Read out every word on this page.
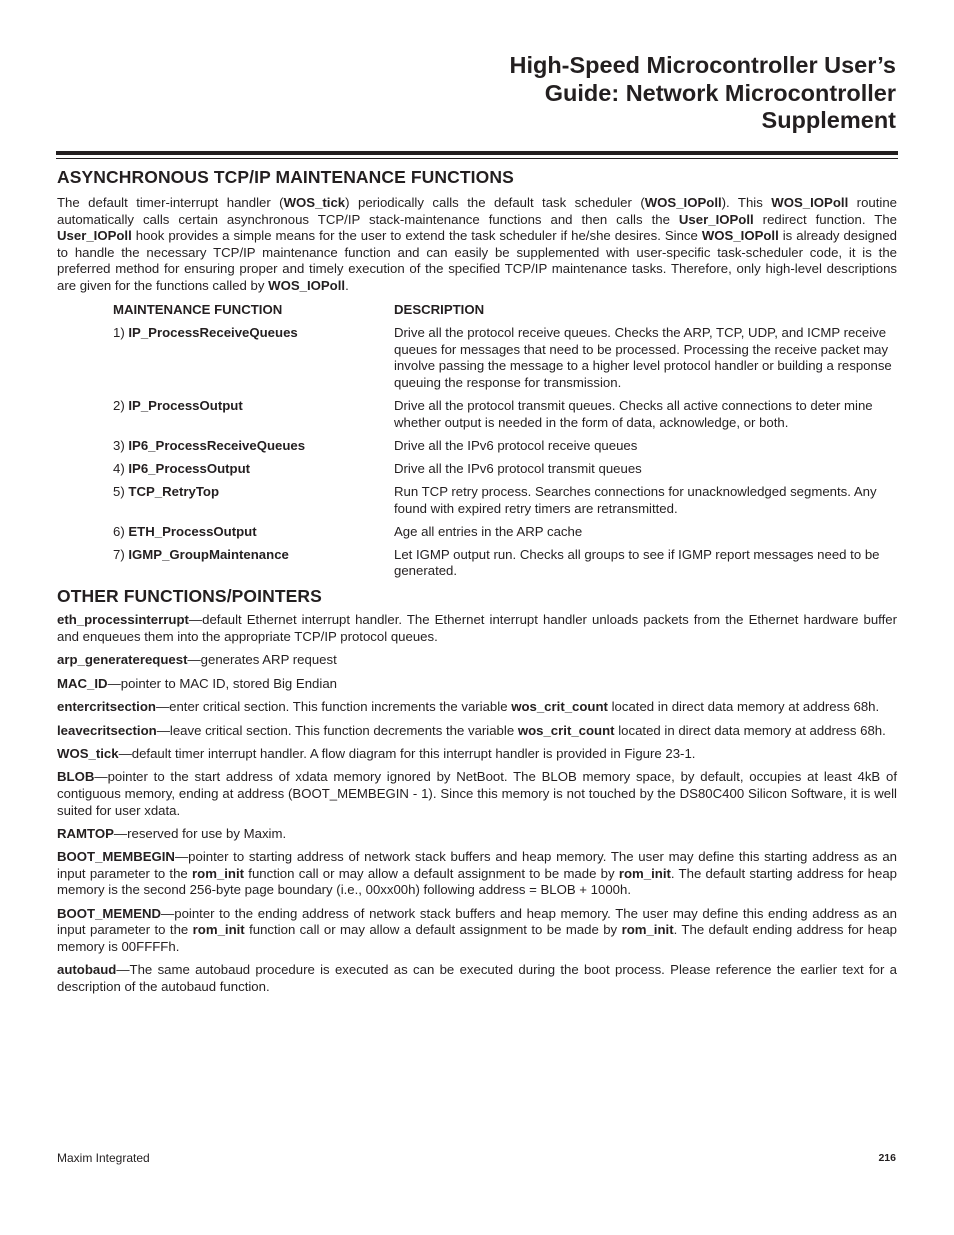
High-Speed Microcontroller User’s
Guide: Network Microcontroller
Supplement
ASYNCHRONOUS TCP/IP MAINTENANCE FUNCTIONS

The default timer-interrupt handler (WOS_tick) periodically calls the default task scheduler (WOS_IOPoll). This WOS_IOPoll routine automatically calls certain asynchronous TCP/IP stack-maintenance functions and then calls the User_IOPoll redirect function. The User_IOPoll hook provides a simple means for the user to extend the task scheduler if he/she desires. Since WOS_IOPoll is already designed to handle the necessary TCP/IP maintenance function and can easily be supplemented with user-specific task-scheduler code, it is the preferred method for ensuring proper and timely execution of the specified TCP/IP maintenance tasks. Therefore, only high-level descriptions are given for the functions called by WOS_IOPoll.

MAINTENANCE FUNCTION	DESCRIPTION
1) IP_ProcessReceiveQueues	Drive all the protocol receive queues. Checks the ARP, TCP, UDP, and ICMP receive queues for messages that need to be processed. Processing the receive packet may involve passing the message to a higher level protocol handler or building a response queuing the response for transmission.
2) IP_ProcessOutput	Drive all the protocol transmit queues. Checks all active connections to deter mine whether output is needed in the form of data, acknowledge, or both.
3) IP6_ProcessReceiveQueues	Drive all the IPv6 protocol receive queues
4) IP6_ProcessOutput	Drive all the IPv6 protocol transmit queues
5) TCP_RetryTop	Run TCP retry process. Searches connections for unacknowledged segments. Any found with expired retry timers are retransmitted.
6) ETH_ProcessOutput	Age all entries in the ARP cache
7) IGMP_GroupMaintenance	Let IGMP output run. Checks all groups to see if IGMP report messages need to be generated.
OTHER FUNCTIONS/POINTERS

eth_processinterrupt—default Ethernet interrupt handler. The Ethernet interrupt handler unloads packets from the Ethernet hardware buffer and enqueues them into the appropriate TCP/IP protocol queues.

arp_generaterequest—generates ARP request

MAC_ID—pointer to MAC ID, stored Big Endian

entercritsection—enter critical section. This function increments the variable wos_crit_count located in direct data memory at address 68h.

leavecritsection—leave critical section. This function decrements the variable wos_crit_count located in direct data memory at address 68h.

WOS_tick—default timer interrupt handler. A flow diagram for this interrupt handler is provided in Figure 23-1.

BLOB—pointer to the start address of xdata memory ignored by NetBoot. The BLOB memory space, by default, occupies at least 4kB of contiguous memory, ending at address (BOOT_MEMBEGIN - 1). Since this memory is not touched by the DS80C400 Silicon Software, it is well suited for user xdata.

RAMTOP—reserved for use by Maxim.

BOOT_MEMBEGIN—pointer to starting address of network stack buffers and heap memory. The user may define this starting address as an input parameter to the rom_init function call or may allow a default assignment to be made by rom_init. The default starting address for heap memory is the second 256-byte page boundary (i.e., 00xx00h) following address = BLOB + 1000h.

BOOT_MEMEND—pointer to the ending address of network stack buffers and heap memory. The user may define this ending address as an input parameter to the rom_init function call or may allow a default assignment to be made by rom_init. The default ending address for heap memory is 00FFFFh.

autobaud—The same autobaud procedure is executed as can be executed during the boot process. Please reference the earlier text for a description of the autobaud function.

Maxim Integrated	216
